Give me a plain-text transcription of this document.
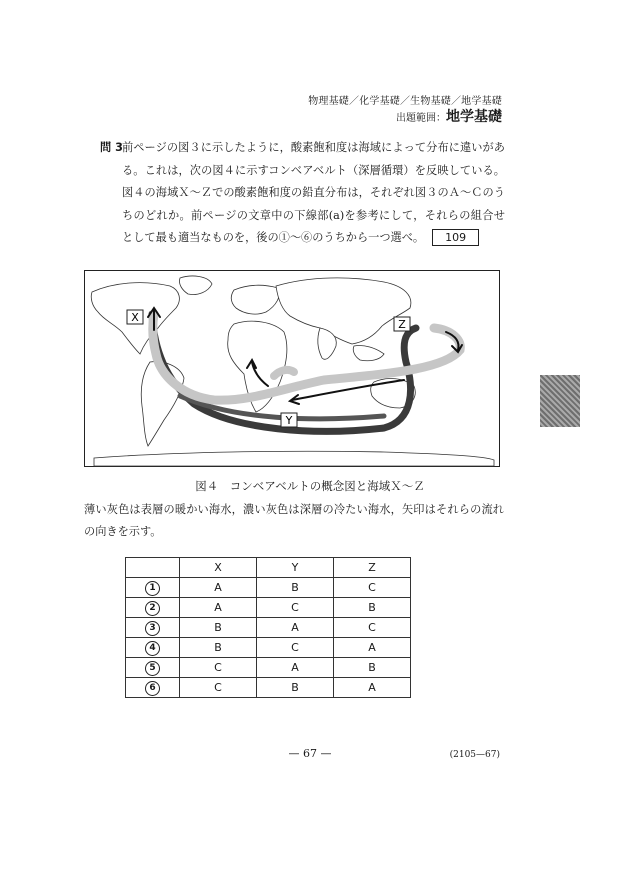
物理基礎／化学基礎／生物基礎／地学基礎
出題範囲：地学基礎
問 3 前ページの図３に示したように，酸素飽和度は海域によって分布に違いがある。これは，次の図４に示すコンベアベルト（深層循環）を反映している。図４の海域Ｘ～Ｚでの酸素飽和度の鉛直分布は，それぞれ図３のＡ～Ｃのうちのどれか。前ページの文章中の下線部(a)を参考にして，それらの組合せとして最も適当なものを，後の①～⑥のうちから一つ選べ。 109
X
Y
Z
図４　コンベアベルトの概念図と海域Ｘ～Ｚ
薄い灰色は表層の暖かい海水，濃い灰色は深層の冷たい海水，矢印はそれらの流れの向きを示す。
	X	Y	Z
1	A	B	C
2	A	C	B
3	B	A	C
4	B	C	A
5	C	A	B
6	C	B	A
— 67 —	(2105—67)
